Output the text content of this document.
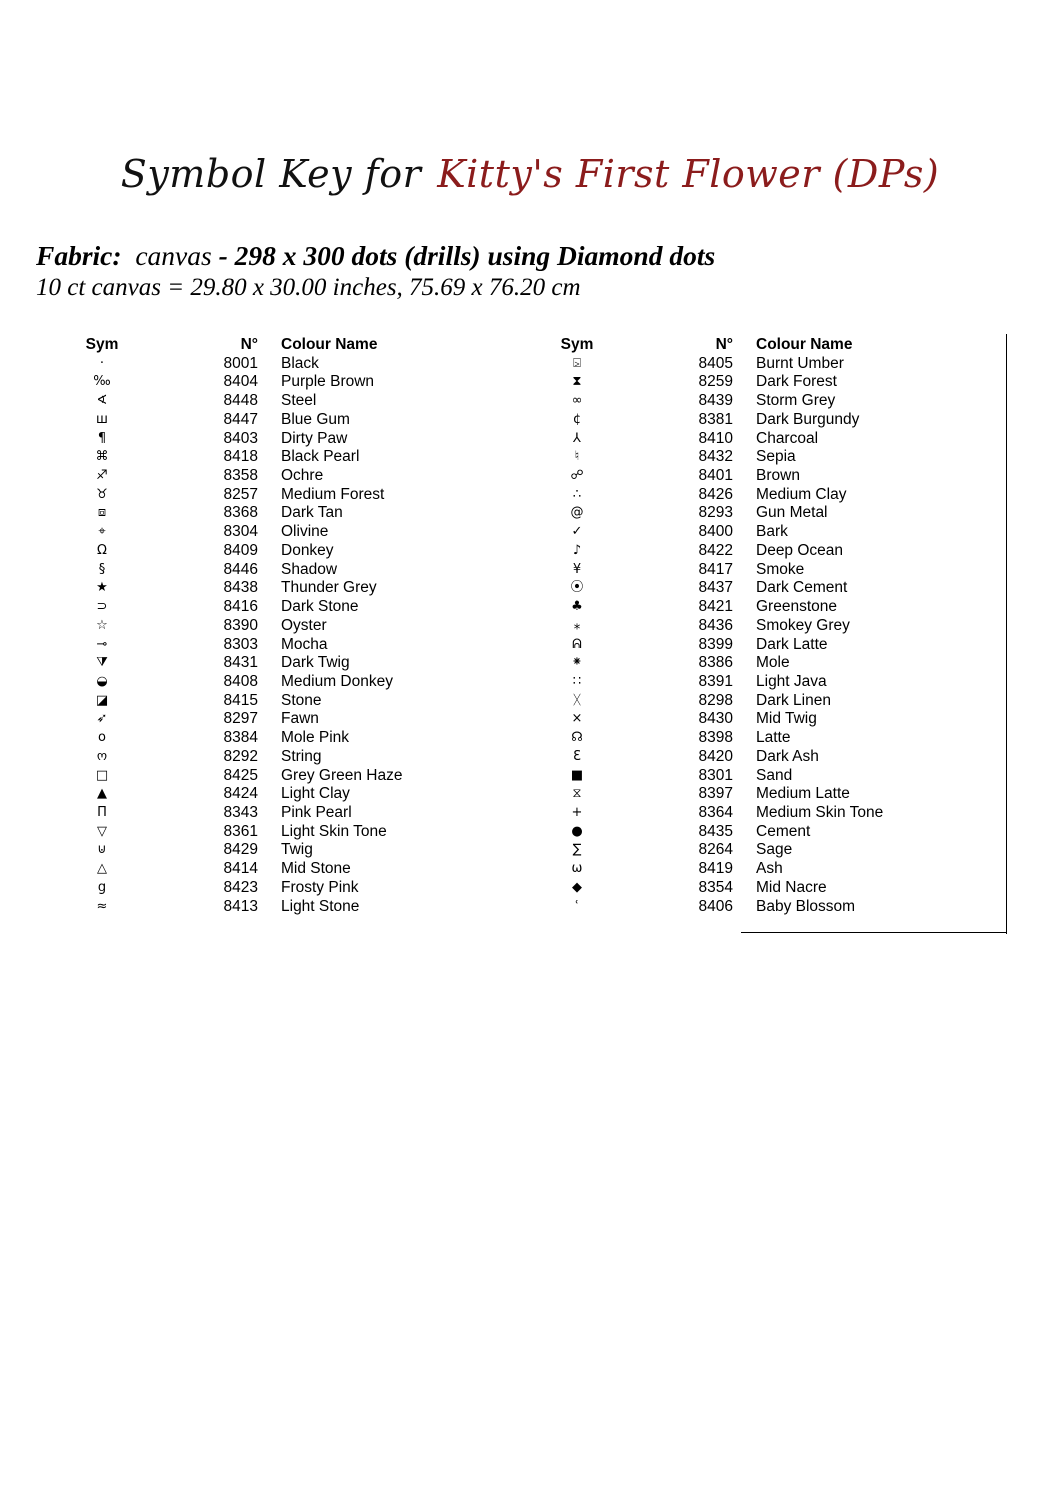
Symbol Key for Kitty's First Flower (DPs)
Fabric: canvas - 298 x 300 dots (drills) using Diamond dots
10 ct canvas = 29.80 x 30.00 inches, 75.69 x 76.20 cm
Sym	N° Colour Name
·	8001 Black
‰	8404 Purple Brown
∢	8448 Steel
ш	8447 Blue Gum
¶	8403 Dirty Paw
⌘	8418 Black Pearl
♐	8358 Ochre
♉	8257 Medium Forest
⧈	8368 Dark Tan
⌖	8304 Olivine
Ω	8409 Donkey
§	8446 Shadow
★	8438 Thunder Grey
⊃	8416 Dark Stone
☆	8390 Oyster
⊸	8303 Mocha
⧩	8431 Dark Twig
◒	8408 Medium Donkey
◪	8415 Stone
➶	8297 Fawn
o	8384 Mole Pink
ო	8292 String
□	8425 Grey Green Haze
▲	8424 Light Clay
Π	8343 Pink Pearl
▽	8361 Light Skin Tone
⊍	8429 Twig
△	8414 Mid Stone
ց	8423 Frosty Pink
≈	8413 Light Stone
Sym	N° Colour Name
⍄	8405 Burnt Umber
⧗	8259 Dark Forest
∞	8439 Storm Grey
¢	8381 Dark Burgundy
⅄	8410 Charcoal
♮	8432 Sepia
☍	8401 Brown
∴	8426 Medium Clay
@	8293 Gun Metal
✓	8400 Bark
♪	8422 Deep Ocean
¥	8417 Smoke
⦿	8437 Dark Cement
♣	8421 Greenstone
⁎	8436 Smokey Grey
ᕱ	8399 Dark Latte
⁕	8386 Mole
∷	8391 Light Java
ᚷ	8298 Dark Linen
×	8430 Mid Twig
☊	8398 Latte
Ɛ	8420 Dark Ash
■	8301 Sand
⧖	8397 Medium Latte
+	8364 Medium Skin Tone
●	8435 Cement
∑	8264 Sage
ω	8419 Ash
◆	8354 Mid Nacre
ʿ	8406 Baby Blossom
